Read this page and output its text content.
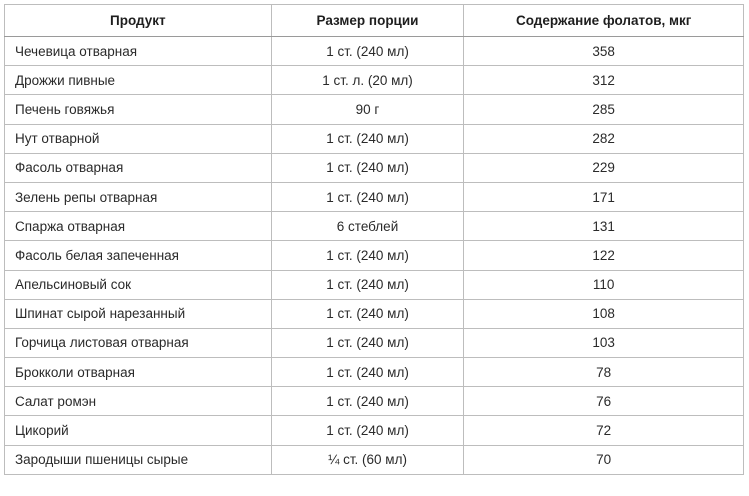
Продукт	Размер порции	Содержание фолатов, мкг
Чечевица отварная	1 ст. (240 мл)	358
Дрожжи пивные	1 ст. л. (20 мл)	312
Печень говяжья	90 г	285
Нут отварной	1 ст. (240 мл)	282
Фасоль отварная	1 ст. (240 мл)	229
Зелень репы отварная	1 ст. (240 мл)	171
Спаржа отварная	6 стеблей	131
Фасоль белая запеченная	1 ст. (240 мл)	122
Апельсиновый сок	1 ст. (240 мл)	110
Шпинат сырой нарезанный	1 ст. (240 мл)	108
Горчица листовая отварная	1 ст. (240 мл)	103
Брокколи отварная	1 ст. (240 мл)	78
Салат ромэн	1 ст. (240 мл)	76
Цикорий	1 ст. (240 мл)	72
Зародыши пшеницы сырые	¼ ст. (60 мл)	70
